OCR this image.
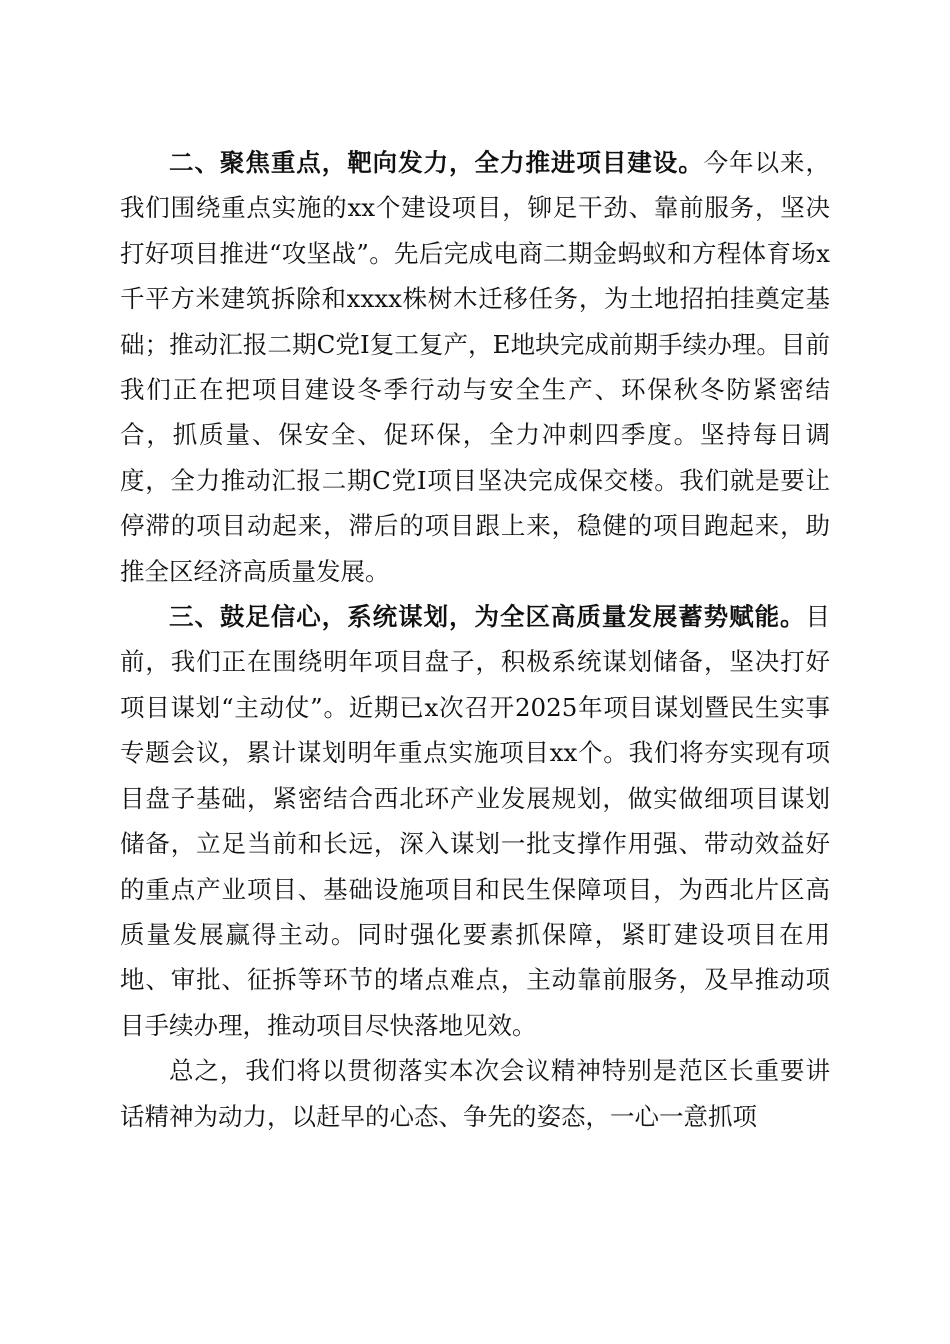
二、聚焦重点，靶向发力，全力推进项目建设。今年以来，我们围绕重点实施的xx个建设项目，铆足干劲、靠前服务，坚决打好项目推进“攻坚战”。先后完成电商二期金蚂蚁和方程体育场x千平方米建筑拆除和xxxx株树木迁移任务，为土地招拍挂奠定基础；推动汇报二期C党Ⅰ复工复产，E地块完成前期手续办理。目前我们正在把项目建设冬季行动与安全生产、环保秋冬防紧密结合，抓质量、保安全、促环保，全力冲刺四季度。坚持每日调度，全力推动汇报二期C党Ⅰ项目坚决完成保交楼。我们就是要让停滞的项目动起来，滞后的项目跟上来，稳健的项目跑起来，助推全区经济高质量发展。

三、鼓足信心，系统谋划，为全区高质量发展蓄势赋能。目前，我们正在围绕明年项目盘子，积极系统谋划储备，坚决打好项目谋划“主动仗”。近期已x次召开2025年项目谋划暨民生实事专题会议，累计谋划明年重点实施项目xx个。我们将夯实现有项目盘子基础，紧密结合西北环产业发展规划，做实做细项目谋划储备，立足当前和长远，深入谋划一批支撑作用强、带动效益好的重点产业项目、基础设施项目和民生保障项目，为西北片区高质量发展赢得主动。同时强化要素抓保障，紧盯建设项目在用地、审批、征拆等环节的堵点难点，主动靠前服务，及早推动项目手续办理，推动项目尽快落地见效。

总之，我们将以贯彻落实本次会议精神特别是范区长重要讲话精神为动力，以赶早的心态、争先的姿态，一心一意抓项
